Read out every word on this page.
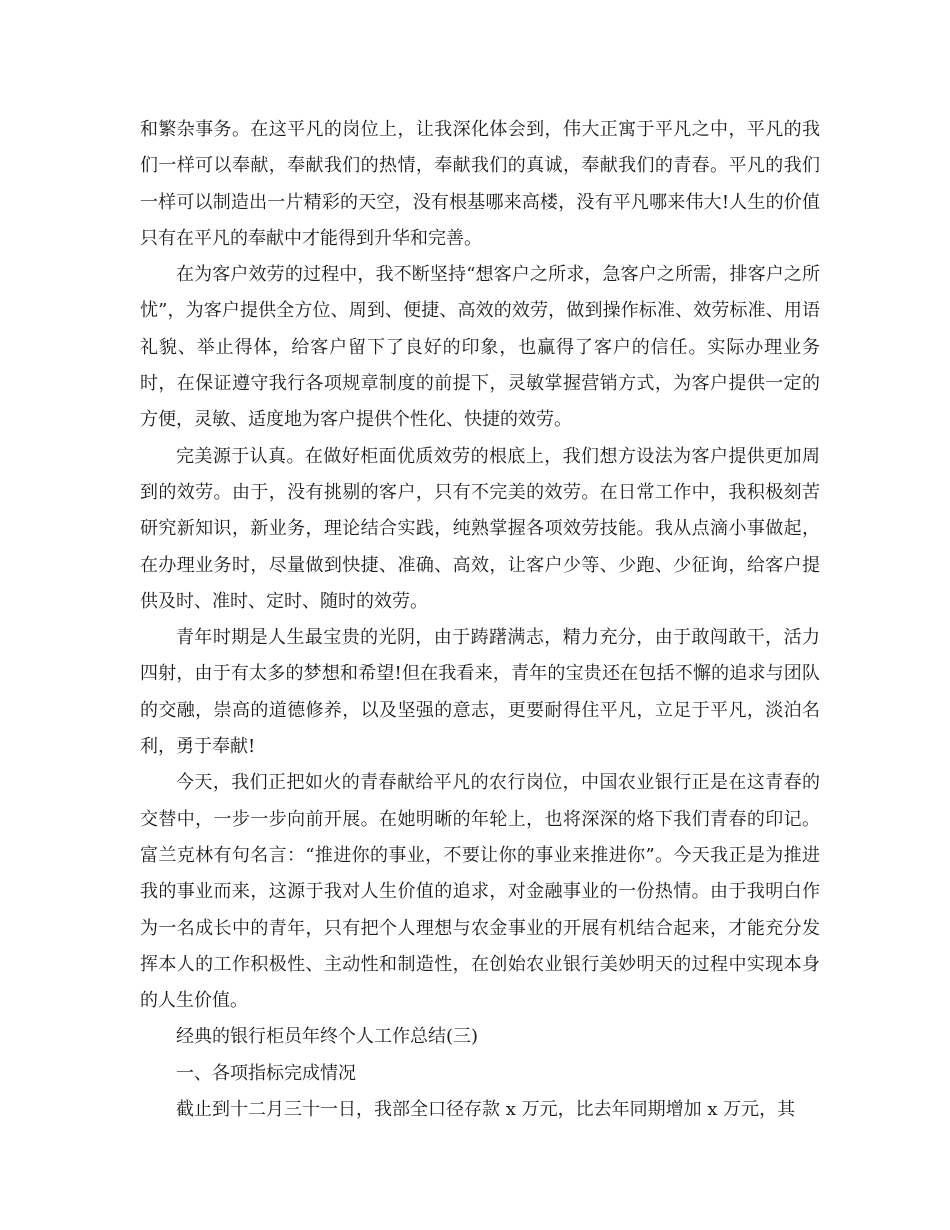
和繁杂事务。在这平凡的岗位上，让我深化体会到，伟大正寓于平凡之中，平凡的我们一样可以奉献，奉献我们的热情，奉献我们的真诚，奉献我们的青春。平凡的我们一样可以制造出一片精彩的天空，没有根基哪来高楼，没有平凡哪来伟大!人生的价值只有在平凡的奉献中才能得到升华和完善。

在为客户效劳的过程中，我不断坚持“想客户之所求，急客户之所需，排客户之所忧”，为客户提供全方位、周到、便捷、高效的效劳，做到操作标准、效劳标准、用语礼貌、举止得体，给客户留下了良好的印象，也赢得了客户的信任。实际办理业务时，在保证遵守我行各项规章制度的前提下，灵敏掌握营销方式，为客户提供一定的方便，灵敏、适度地为客户提供个性化、快捷的效劳。

完美源于认真。在做好柜面优质效劳的根底上，我们想方设法为客户提供更加周到的效劳。由于，没有挑剔的客户，只有不完美的效劳。在日常工作中，我积极刻苦研究新知识，新业务，理论结合实践，纯熟掌握各项效劳技能。我从点滴小事做起，在办理业务时，尽量做到快捷、准确、高效，让客户少等、少跑、少征询，给客户提供及时、准时、定时、随时的效劳。

青年时期是人生最宝贵的光阴，由于踌躇满志，精力充分，由于敢闯敢干，活力四射，由于有太多的梦想和希望!但在我看来，青年的宝贵还在包括不懈的追求与团队的交融，崇高的道德修养，以及坚强的意志，更要耐得住平凡，立足于平凡，淡泊名利，勇于奉献!

今天，我们正把如火的青春献给平凡的农行岗位，中国农业银行正是在这青春的交替中，一步一步向前开展。在她明晰的年轮上，也将深深的烙下我们青春的印记。富兰克林有句名言：“推进你的事业，不要让你的事业来推进你”。今天我正是为推进我的事业而来，这源于我对人生价值的追求，对金融事业的一份热情。由于我明白作为一名成长中的青年，只有把个人理想与农金事业的开展有机结合起来，才能充分发挥本人的工作积极性、主动性和制造性，在创始农业银行美妙明天的过程中实现本身的人生价值。

经典的银行柜员年终个人工作总结(三)

一、各项指标完成情况

截止到十二月三十一日，我部全口径存款 x 万元，比去年同期增加 x 万元，其
